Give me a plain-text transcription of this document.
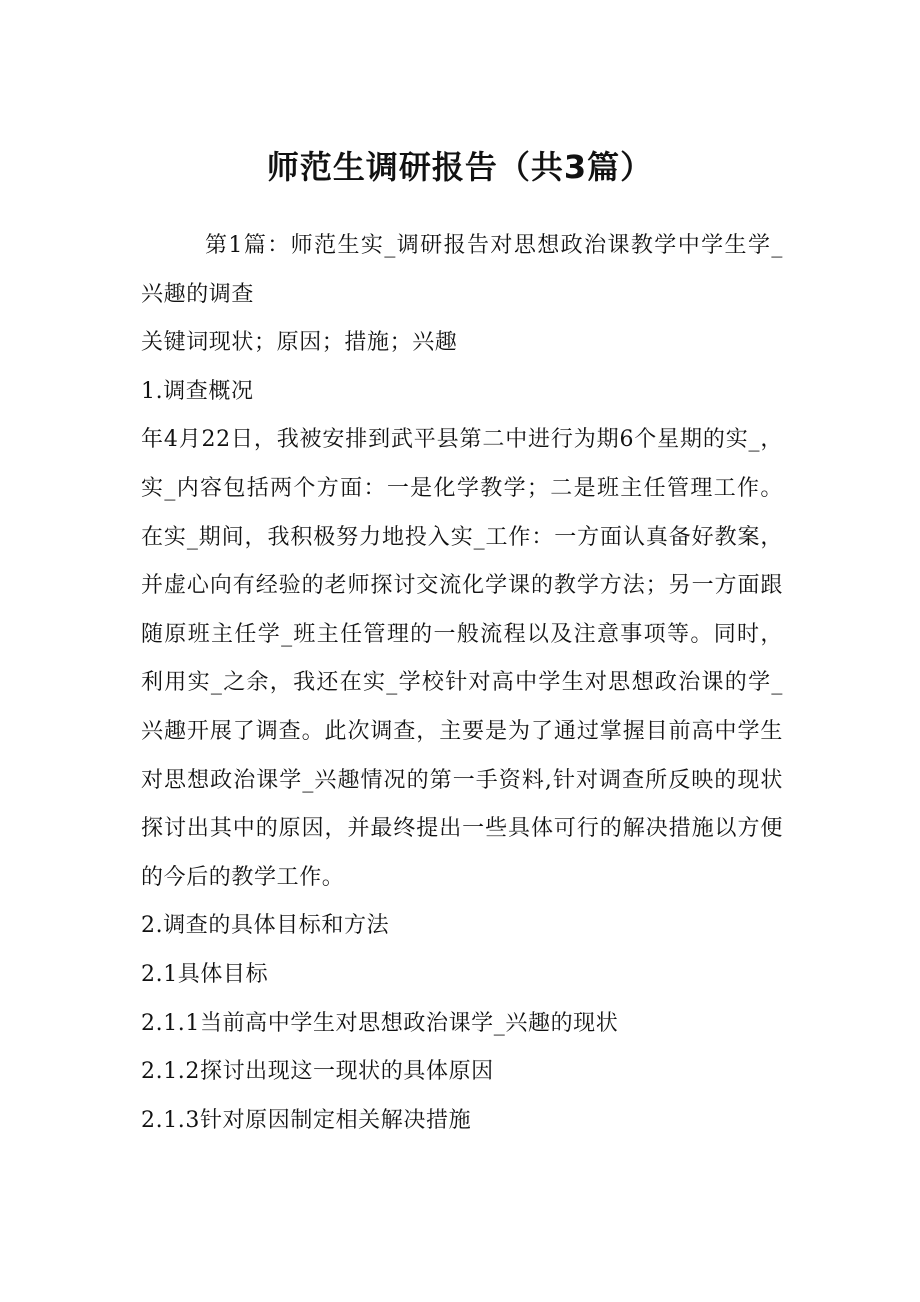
师范生调研报告（共3篇）

第1篇：师范生实_调研报告对思想政治课教学中学生学_兴趣的调查

关键词现状；原因；措施；兴趣

1.调查概况

年4月22日，我被安排到武平县第二中进行为期6个星期的实_，实_内容包括两个方面：一是化学教学；二是班主任管理工作。在实_期间，我积极努力地投入实_工作：一方面认真备好教案，并虚心向有经验的老师探讨交流化学课的教学方法；另一方面跟随原班主任学_班主任管理的一般流程以及注意事项等。同时，利用实_之余，我还在实_学校针对高中学生对思想政治课的学_兴趣开展了调查。此次调查，主要是为了通过掌握目前高中学生对思想政治课学_兴趣情况的第一手资料,针对调查所反映的现状探讨出其中的原因，并最终提出一些具体可行的解决措施以方便的今后的教学工作。

2.调查的具体目标和方法

2.1具体目标

2.1.1当前高中学生对思想政治课学_兴趣的现状

2.1.2探讨出现这一现状的具体原因

2.1.3针对原因制定相关解决措施
